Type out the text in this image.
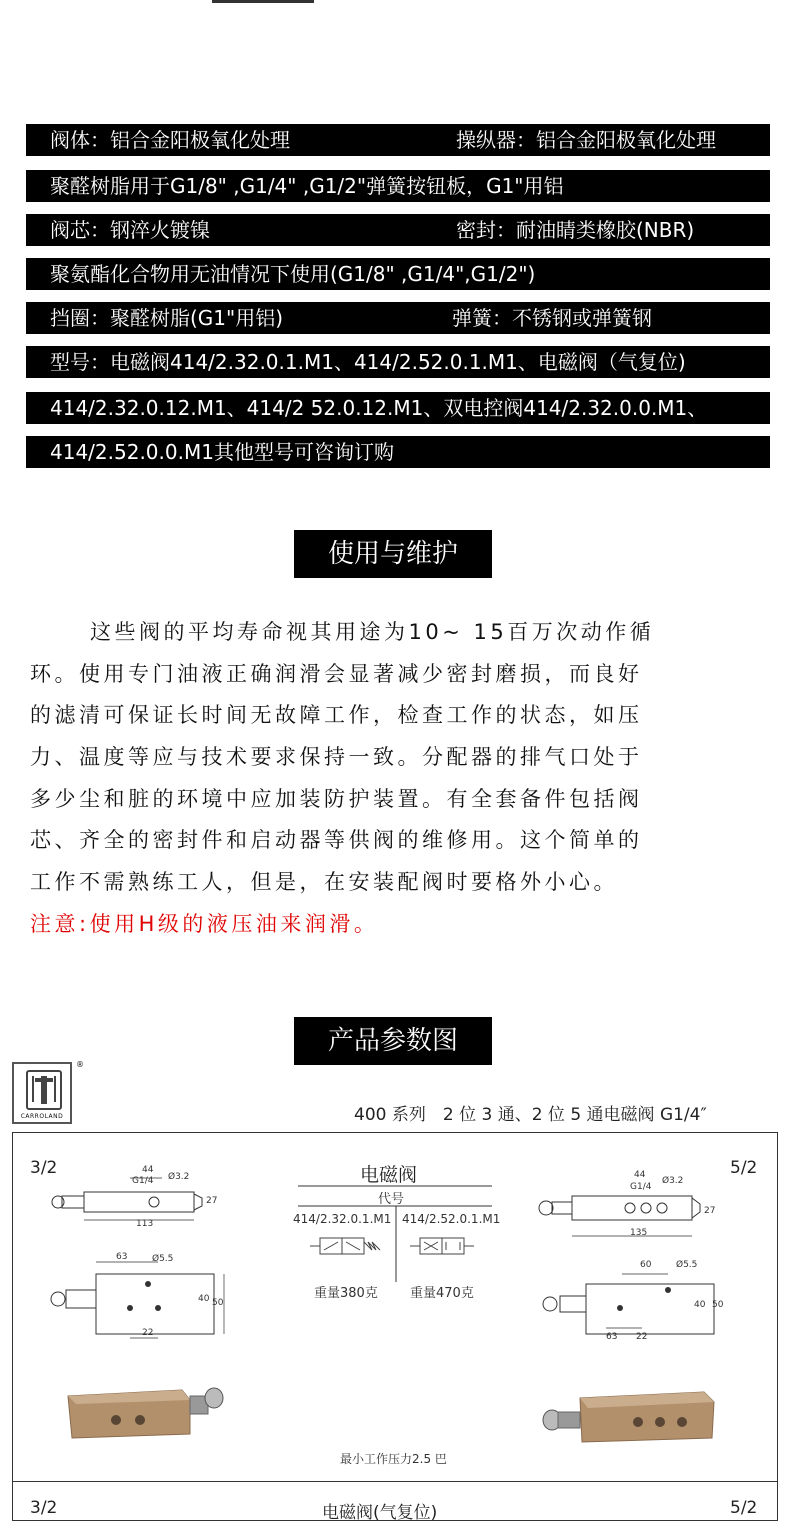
阀体：铝合金阳极氧化处理	操纵器：铝合金阳极氧化处理
聚醛树脂用于G1/8" ,G1/4" ,G1/2"弹簧按钮板，G1"用铝
阀芯：钢淬火镀镍	密封：耐油睛类橡胶(NBR)
聚氨酯化合物用无油情况下使用(G1/8" ,G1/4",G1/2")
挡圈：聚醛树脂(G1"用铝)	弹簧：不锈钢或弹簧钢
型号：电磁阀414/2.32.0.1.M1、414/2.52.0.1.M1、电磁阀（气复位)
414/2.32.0.12.M1、414/2 52.0.12.M1、双电控阀414/2.32.0.0.M1、
414/2.52.0.0.M1其他型号可咨询订购
使用与维护
这些阀的平均寿命视其用途为10~ 15百万次动作循
环。使用专门油液正确润滑会显著减少密封磨损，而良好
的滤清可保证长时间无故障工作，检查工作的状态，如压
力、温度等应与技术要求保持一致。分配器的排气口处于
多少尘和脏的环境中应加装防护装置。有全套备件包括阀
芯、齐全的密封件和启动器等供阀的维修用。这个简单的
工作不需熟练工人，但是，在安装配阀时要格外小心。
注意:使用H级的液压油来润滑。
产品参数图
CARROLAND
®
400 系列　2 位 3 通、2 位 5 通电磁阀 G1/4″
3/2	5/2
电磁阀
代号
414/2.32.0.1.M1 414/2.52.0.1.M1
重量380克 重量470克
44
G1/4 Ø3.2
27
113
63	Ø5.5
40 50
22
44
G1/4
Ø3.2
27
135
60	Ø5.5
40 50
63 22
最小工作压力2.5 巴
3/2	电磁阀(气复位)	5/2
